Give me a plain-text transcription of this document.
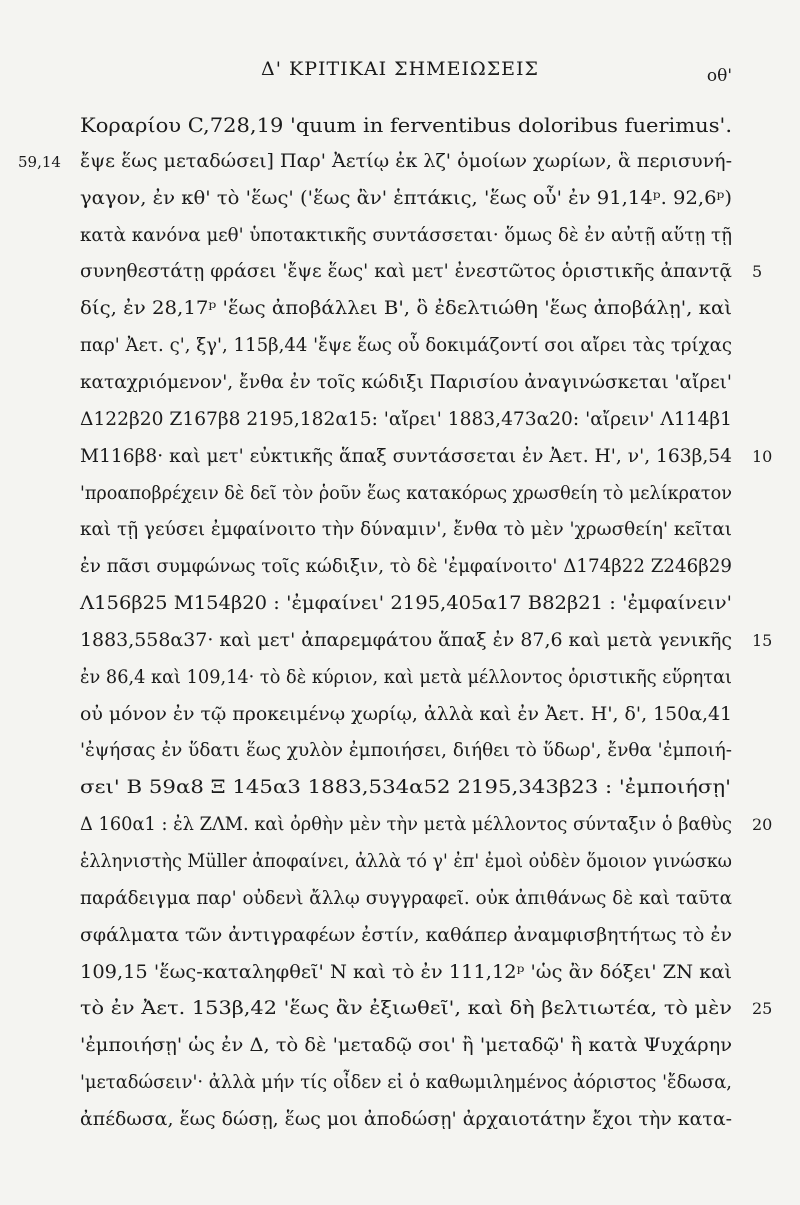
Δ' ΚΡΙΤΙΚΑΙ ΣΗΜΕΙΩΣΕΙΣ	οθ'
Κοραρίου C,728,19 'quum in ferventibus doloribus fuerimus'.
ἔψε ἕως μεταδώσει] Παρ' Ἀετίῳ ἐκ λζ' ὁμοίων χωρίων, ἃ περισυνή-
γαγον, ἐν κθ' τὸ 'ἕως' ('ἕως ἂν' ἑπτάκις, 'ἕως οὗ' ἐν 91,14ᵖ. 92,6ᵖ)
κατὰ κανόνα μεθ' ὑποτακτικῆς συντάσσεται· ὅμως δὲ ἐν αὐτῇ αὕτῃ τῇ
συνηθεστάτῃ φράσει 'ἔψε ἕως' καὶ μετ' ἐνεστῶτος ὁριστικῆς ἀπαντᾷ
δίς, ἐν 28,17ᵖ 'ἕως ἀποβάλλει Β', ὃ ἐδελτιώθη 'ἕως ἀποβάλῃ', καὶ
παρ' Ἀετ. ς', ξγ', 115β,44 'ἔψε ἕως οὗ δοκιμάζοντί σοι αἴρει τὰς τρίχας
καταχριόμενον', ἔνθα ἐν τοῖς κώδιξι Παρισίου ἀναγινώσκεται 'αἴρει'
Δ122β20 Ζ167β8 2195,182α15: 'αἴρει' 1883,473α20: 'αἴρειν' Λ114β1
Μ116β8· καὶ μετ' εὐκτικῆς ἅπαξ συντάσσεται ἐν Ἀετ. Η', ν', 163β,54
'προαποβρέχειν δὲ δεῖ τὸν ῥοῦν ἕως κατακόρως χρωσθείη τὸ μελίκρατον
καὶ τῇ γεύσει ἐμφαίνοιτο τὴν δύναμιν', ἔνθα τὸ μὲν 'χρωσθείη' κεῖται
ἐν πᾶσι συμφώνως τοῖς κώδιξιν, τὸ δὲ 'ἐμφαίνοιτο' Δ174β22 Ζ246β29
Λ156β25 Μ154β20 : 'ἐμφαίνει' 2195,405α17 Β82β21 : 'ἐμφαίνειν'
1883,558α37· καὶ μετ' ἀπαρεμφάτου ἅπαξ ἐν 87,6 καὶ μετὰ γενικῆς
ἐν 86,4 καὶ 109,14· τὸ δὲ κύριον, καὶ μετὰ μέλλοντος ὁριστικῆς εὕρηται
οὐ μόνον ἐν τῷ προκειμένῳ χωρίῳ, ἀλλὰ καὶ ἐν Ἀετ. Η', δ', 150α,41
'ἐψήσας ἐν ὕδατι ἕως χυλὸν ἐμποιήσει, διήθει τὸ ὕδωρ', ἔνθα 'ἐμποιή-
σει' Β 59α8 Ξ 145α3 1883,534α52 2195,343β23 : 'ἐμποιήσῃ'
Δ 160α1 : ἐλ ΖΛΜ. καὶ ὀρθὴν μὲν τὴν μετὰ μέλλοντος σύνταξιν ὁ βαθὺς
ἑλληνιστὴς Müller ἀποφαίνει, ἀλλὰ τό γ' ἐπ' ἐμοὶ οὐδὲν ὅμοιον γινώσκω
παράδειγμα παρ' οὐδενὶ ἄλλῳ συγγραφεῖ. οὐκ ἀπιθάνως δὲ καὶ ταῦτα
σφάλματα τῶν ἀντιγραφέων ἐστίν, καθάπερ ἀναμφισβητήτως τὸ ἐν
109,15 'ἕως-καταληφθεῖ' Ν καὶ τὸ ἐν 111,12ᵖ 'ὡς ἂν δόξει' ΖΝ καὶ
τὸ ἐν Ἀετ. 153β,42 'ἕως ἂν ἐξιωθεῖ', καὶ δὴ βελτιωτέα, τὸ μὲν
'ἐμποιήσῃ' ὡς ἐν Δ, τὸ δὲ 'μεταδῷ σοι' ἢ 'μεταδῷ' ἢ κατὰ Ψυχάρην
'μεταδώσειν'· ἀλλὰ μήν τίς οἶδεν εἰ ὁ καθωμιλημένος ἀόριστος 'ἔδωσα,
ἀπέδωσα, ἕως δώσῃ, ἕως μοι ἀποδώσῃ' ἀρχαιοτάτην ἔχοι τὴν κατα-
59,14
5
10
15
20
25
